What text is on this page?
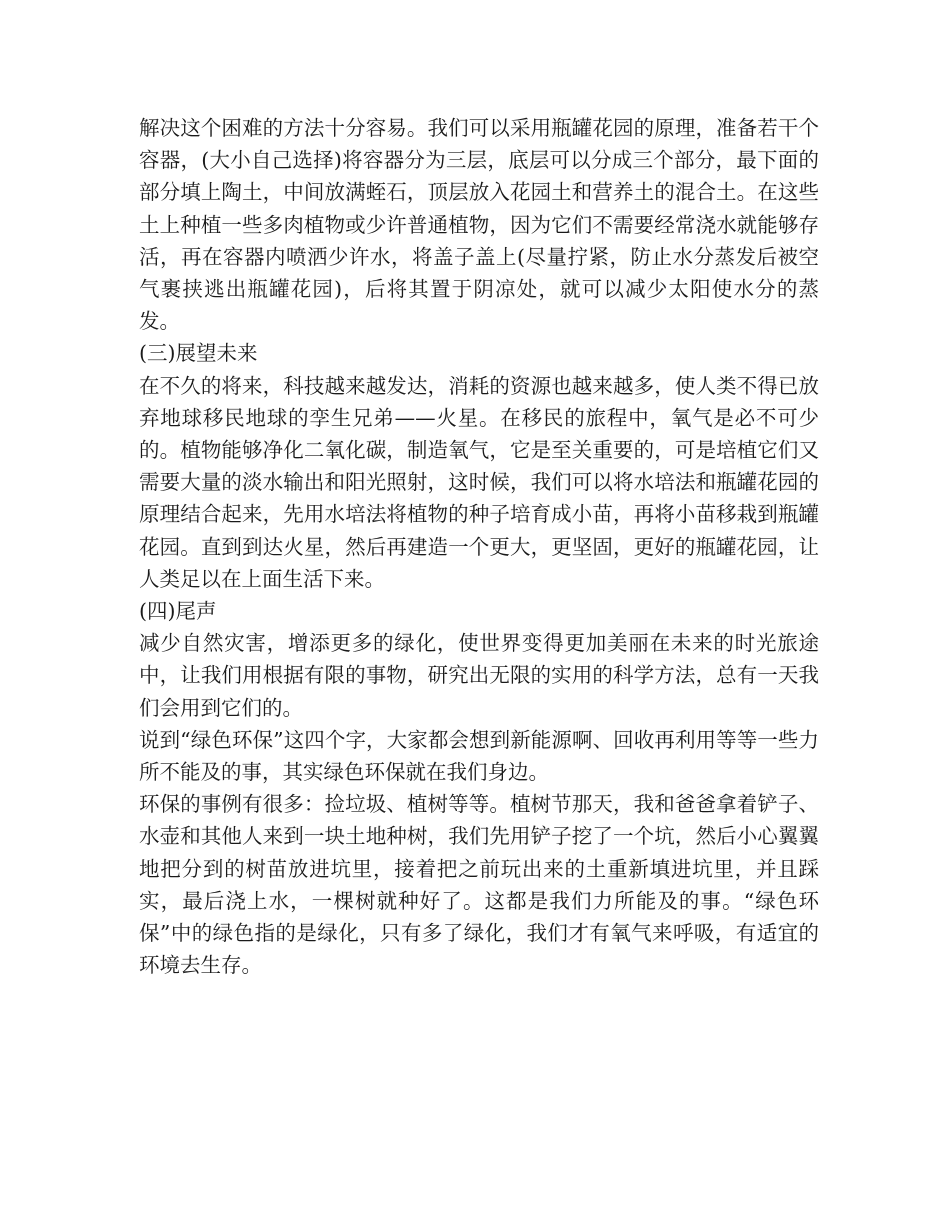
解决这个困难的方法十分容易。我们可以采用瓶罐花园的原理，准备若干个容器，(大小自己选择)将容器分为三层，底层可以分成三个部分，最下面的部分填上陶土，中间放满蛭石，顶层放入花园土和营养土的混合土。在这些土上种植一些多肉植物或少许普通植物，因为它们不需要经常浇水就能够存活，再在容器内喷洒少许水，将盖子盖上(尽量拧紧，防止水分蒸发后被空气裹挟逃出瓶罐花园)，后将其置于阴凉处，就可以减少太阳使水分的蒸发。

(三)展望未来

在不久的将来，科技越来越发达，消耗的资源也越来越多，使人类不得已放弃地球移民地球的孪生兄弟——火星。在移民的旅程中，氧气是必不可少的。植物能够净化二氧化碳，制造氧气，它是至关重要的，可是培植它们又需要大量的淡水输出和阳光照射，这时候，我们可以将水培法和瓶罐花园的原理结合起来，先用水培法将植物的种子培育成小苗，再将小苗移栽到瓶罐花园。直到到达火星，然后再建造一个更大，更坚固，更好的瓶罐花园，让人类足以在上面生活下来。

(四)尾声

减少自然灾害，增添更多的绿化，使世界变得更加美丽在未来的时光旅途中，让我们用根据有限的事物，研究出无限的实用的科学方法，总有一天我们会用到它们的。

说到“绿色环保”这四个字，大家都会想到新能源啊、回收再利用等等一些力所不能及的事，其实绿色环保就在我们身边。

环保的事例有很多：捡垃圾、植树等等。植树节那天，我和爸爸拿着铲子、水壶和其他人来到一块土地种树，我们先用铲子挖了一个坑，然后小心翼翼地把分到的树苗放进坑里，接着把之前玩出来的土重新填进坑里，并且踩实，最后浇上水，一棵树就种好了。这都是我们力所能及的事。“绿色环保”中的绿色指的是绿化，只有多了绿化，我们才有氧气来呼吸，有适宜的环境去生存。
